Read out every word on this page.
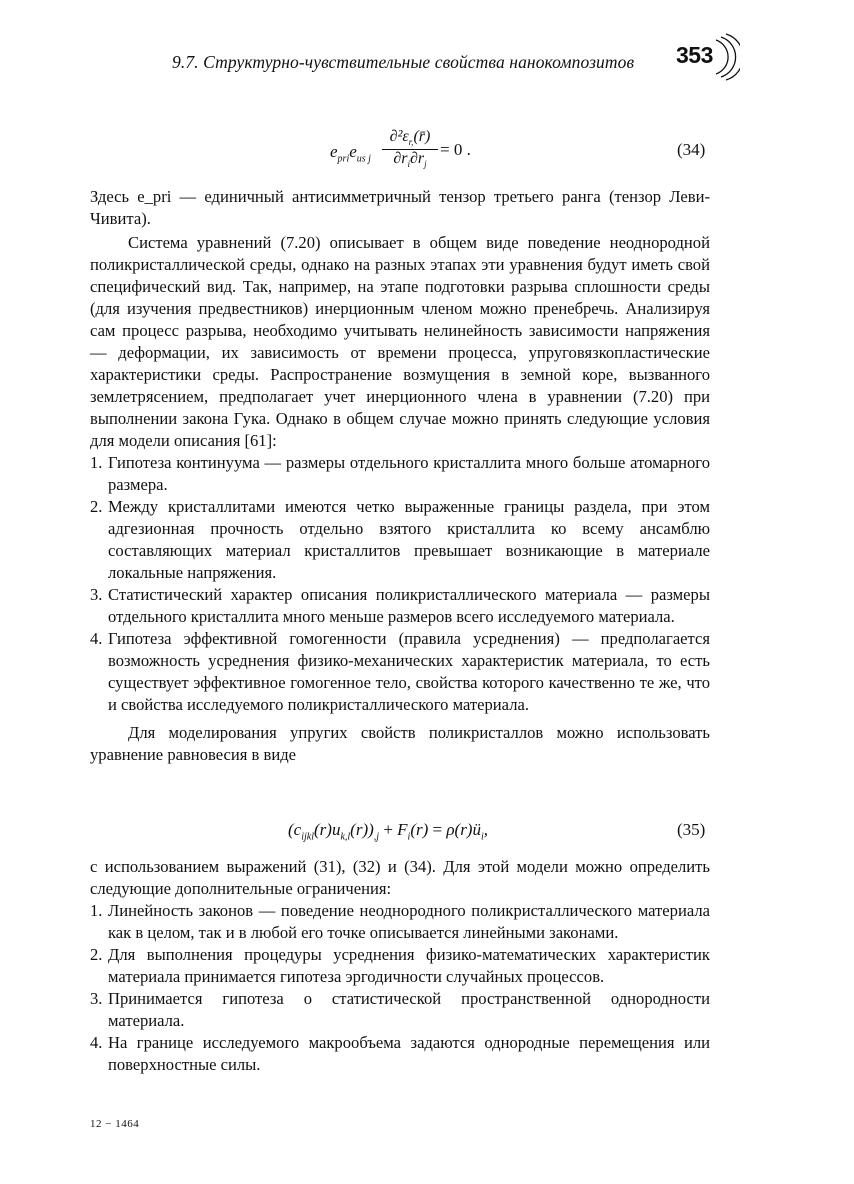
9.7. Структурно-чувствительные свойства нанокомпозитов	353
$e_{pri}e_{us j}$
$\partial^2\varepsilon_{r,}(r̄)$
$\partial r_i\partial r_j$
= 0 .	(34)

Здесь e_pri — единичный антисимметричный тензор третьего ранга (тензор Леви-Чивита).

Система уравнений (7.20) описывает в общем виде поведение неоднородной поликристаллической среды, однако на разных этапах эти уравнения будут иметь свой специфический вид. Так, например, на этапе подготовки разрыва сплошности среды (для изучения предвестников) инерционным членом можно пренебречь. Анализируя сам процесс разрыва, необходимо учитывать нелинейность зависимости напряжения — деформации, их зависимость от времени процесса, упруговязкопластические характеристики среды. Распространение возмущения в земной коре, вызванного землетрясением, предполагает учет инерционного члена в уравнении (7.20) при выполнении закона Гука. Однако в общем случае можно принять следующие условия для модели описания [61]:

1. Гипотеза континуума — размеры отдельного кристаллита много больше атомарного размера.
2. Между кристаллитами имеются четко выраженные границы раздела, при этом адгезионная прочность отдельно взятого кристаллита ко всему ансамблю составляющих материал кристаллитов превышает возникающие в материале локальные напряжения.
3. Статистический характер описания поликристаллического материала — размеры отдельного кристаллита много меньше размеров всего исследуемого материала.
4. Гипотеза эффективной гомогенности (правила усреднения) — предполагается возможность усреднения физико-механических характеристик материала, то есть существует эффективное гомогенное тело, свойства которого качественно те же, что и свойства исследуемого поликристаллического материала.

Для моделирования упругих свойств поликристаллов можно использовать уравнение равновесия в виде

$(c_{ijkl}(r)u_{k,l}(r))_{,j} + F_i(r)$ = $\rho(r)ü_i$,	(35)

с использованием выражений (31), (32) и (34). Для этой модели можно определить следующие дополнительные ограничения:

1. Линейность законов — поведение неоднородного поликристаллического материала как в целом, так и в любой его точке описывается линейными законами.
2. Для выполнения процедуры усреднения физико-математических характеристик материала принимается гипотеза эргодичности случайных процессов.
3. Принимается гипотеза о статистической пространственной однородности материала.
4. На границе исследуемого макрообъема задаются однородные перемещения или поверхностные силы.
12 − 1464
